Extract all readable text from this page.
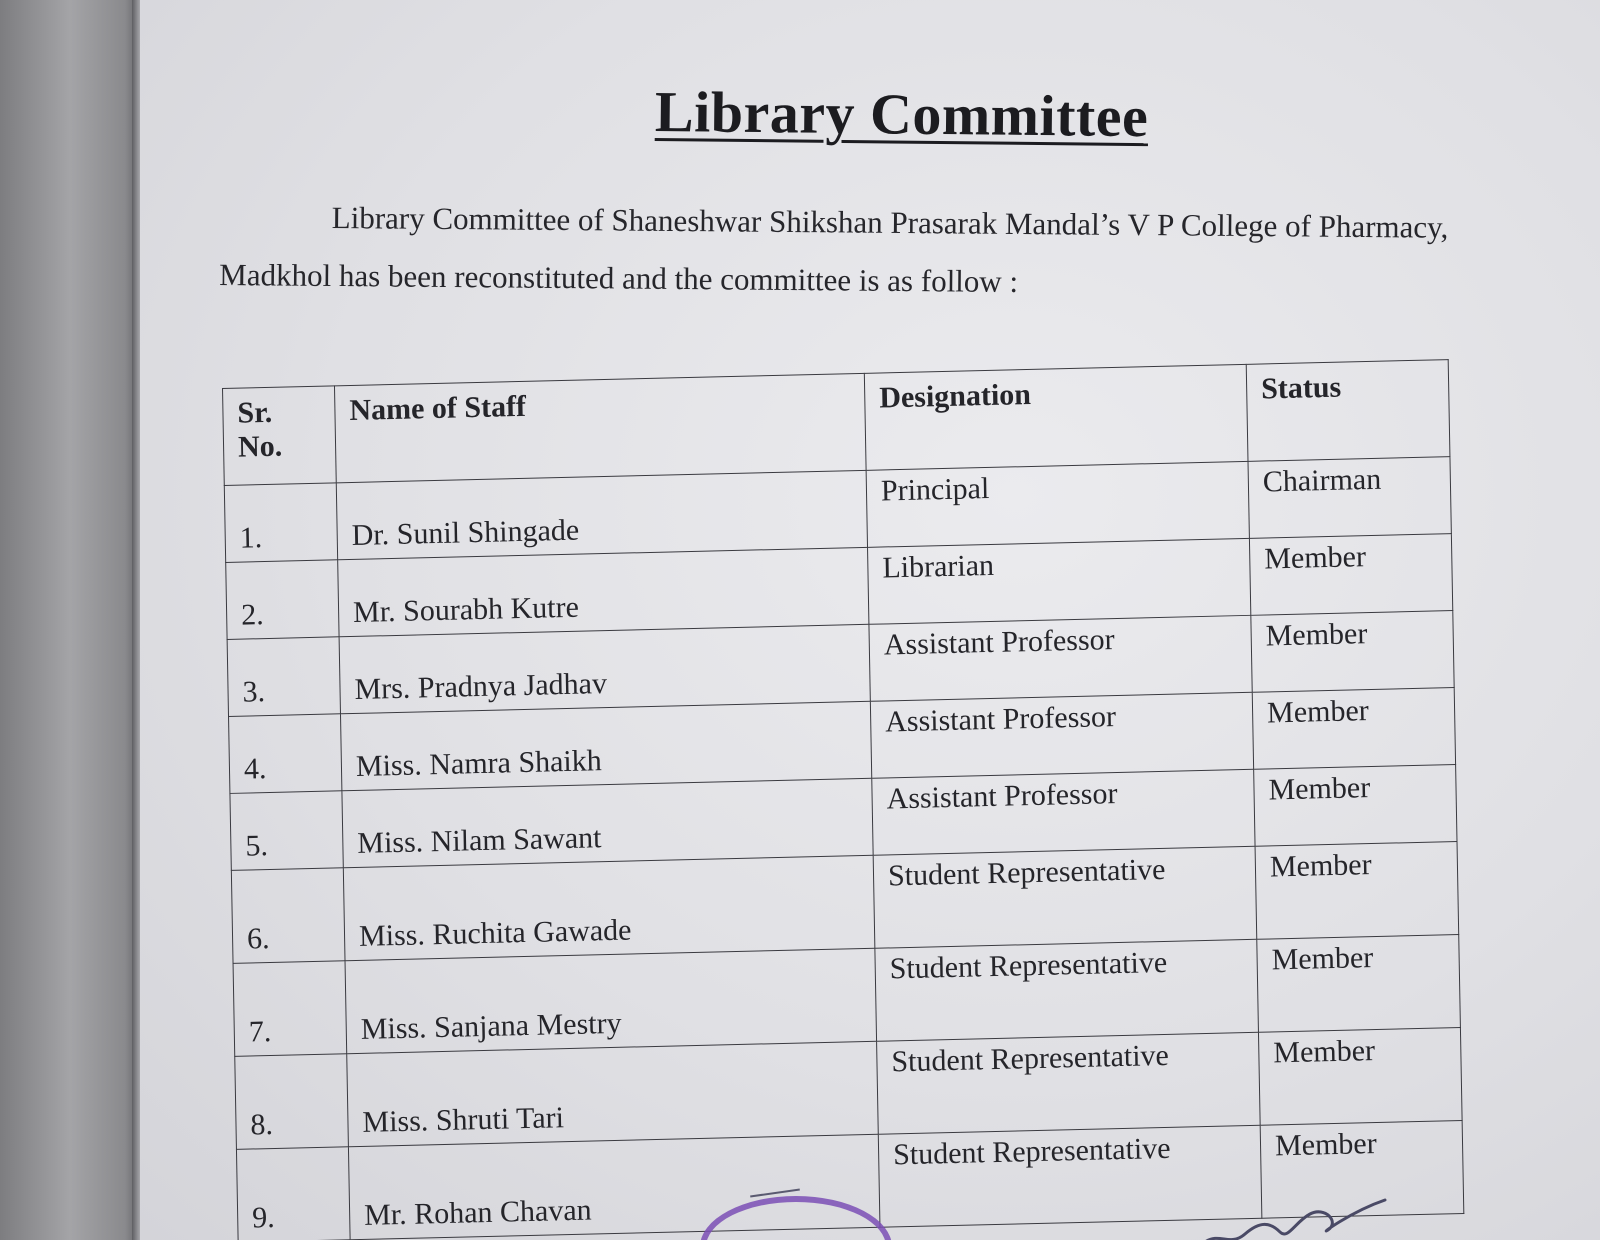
Library Committee

Library Committee of Shaneshwar Shikshan Prasarak Mandal’s V P College of Pharmacy,

Madkhol has been reconstituted and the committee is as follow :

Sr. No.	Name of Staff	Designation	Status
1.	Dr. Sunil Shingade	Principal	Chairman
2.	Mr. Sourabh Kutre	Librarian	Member
3.	Mrs. Pradnya Jadhav	Assistant Professor	Member
4.	Miss. Namra Shaikh	Assistant Professor	Member
5.	Miss. Nilam Sawant	Assistant Professor	Member
6.	Miss. Ruchita Gawade	Student Representative	Member
7.	Miss. Sanjana Mestry	Student Representative	Member
8.	Miss. Shruti Tari	Student Representative	Member
9.	Mr. Rohan Chavan	Student Representative	Member
